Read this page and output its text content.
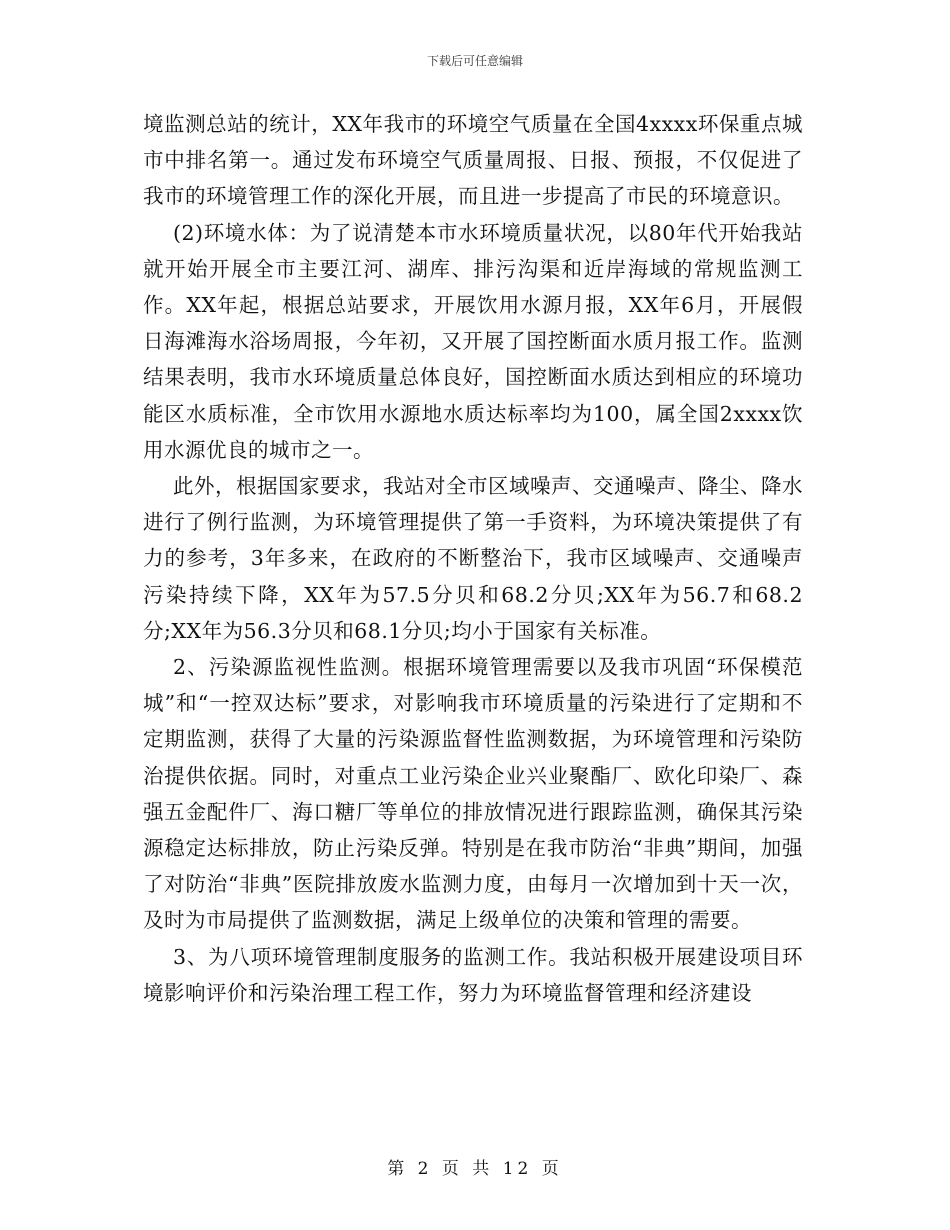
下载后可任意编辑

境监测总站的统计，XX年我市的环境空气质量在全国4xxxx环保重点城市中排名第一。通过发布环境空气质量周报、日报、预报，不仅促进了我市的环境管理工作的深化开展，而且进一步提高了市民的环境意识。

(2)环境水体：为了说清楚本市水环境质量状况，以80年代开始我站就开始开展全市主要江河、湖库、排污沟渠和近岸海域的常规监测工作。XX年起，根据总站要求，开展饮用水源月报，XX年6月，开展假日海滩海水浴场周报，今年初，又开展了国控断面水质月报工作。监测结果表明，我市水环境质量总体良好，国控断面水质达到相应的环境功能区水质标准，全市饮用水源地水质达标率均为100，属全国2xxxx饮用水源优良的城市之一。

此外，根据国家要求，我站对全市区域噪声、交通噪声、降尘、降水进行了例行监测，为环境管理提供了第一手资料，为环境决策提供了有力的参考，3年多来，在政府的不断整治下，我市区域噪声、交通噪声污染持续下降，XX年为57.5分贝和68.2分贝;XX年为56.7和68.2分;XX年为56.3分贝和68.1分贝;均小于国家有关标准。

2、污染源监视性监测。根据环境管理需要以及我市巩固“环保模范城”和“一控双达标”要求，对影响我市环境质量的污染进行了定期和不定期监测，获得了大量的污染源监督性监测数据，为环境管理和污染防治提供依据。同时，对重点工业污染企业兴业聚酯厂、欧化印染厂、森强五金配件厂、海口糖厂等单位的排放情况进行跟踪监测，确保其污染源稳定达标排放，防止污染反弹。特别是在我市防治“非典”期间，加强了对防治“非典”医院排放废水监测力度，由每月一次增加到十天一次，及时为市局提供了监测数据，满足上级单位的决策和管理的需要。

3、为八项环境管理制度服务的监测工作。我站积极开展建设项目环境影响评价和污染治理工程工作，努力为环境监督管理和经济建设

第 2 页 共 12 页
